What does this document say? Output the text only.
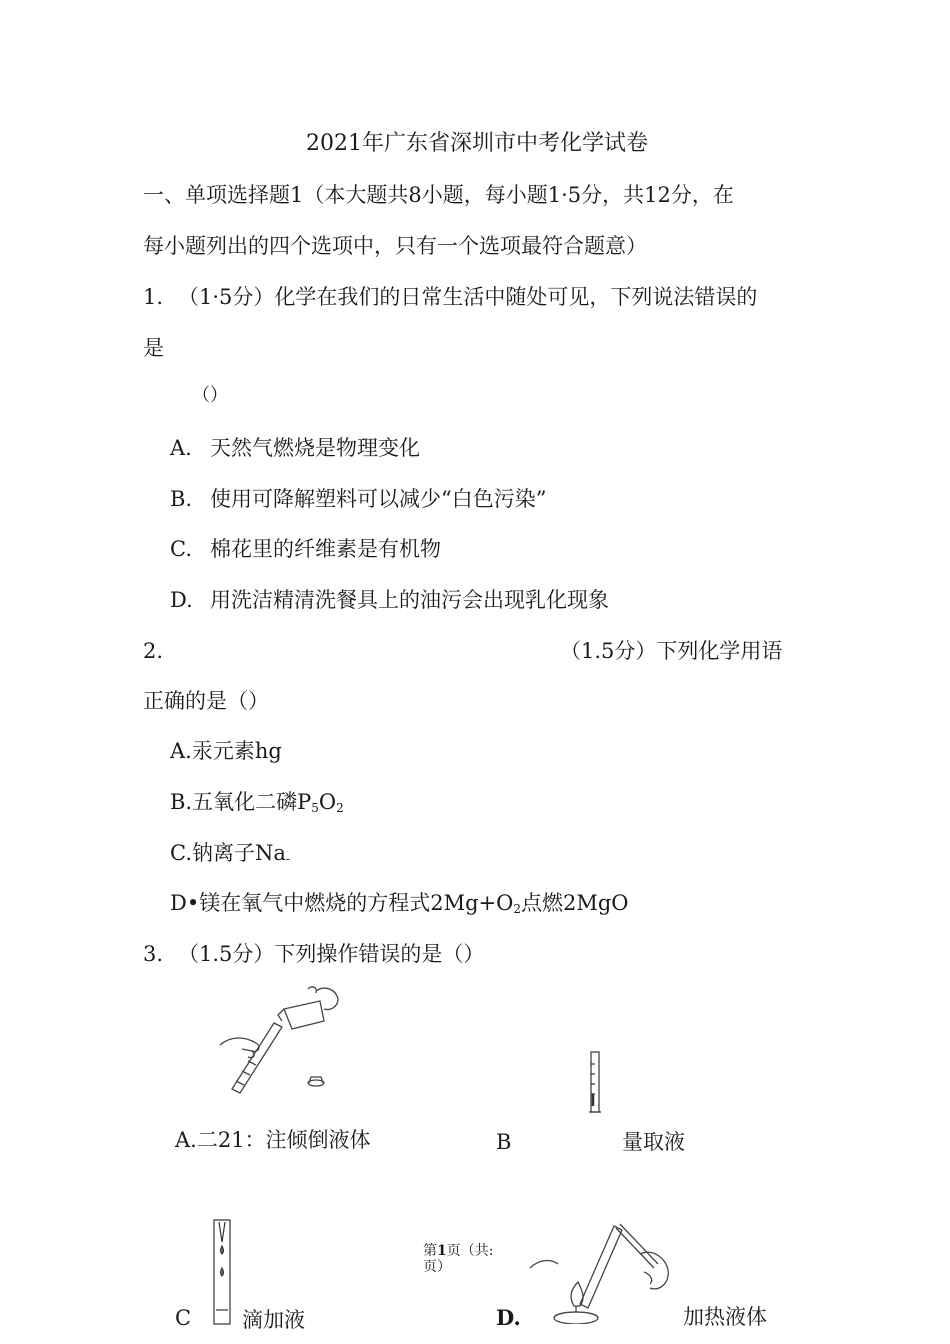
2021年广东省深圳市中考化学试卷
一、单项选择题1（本大题共8小题，每小题1·5分，共12分，在
每小题列出的四个选项中，只有一个选项最符合题意）
1. （1·5分）化学在我们的日常生活中随处可见，下列说法错误的
是
（）
A. 天然气燃烧是物理变化
B. 使用可降解塑料可以减少“白色污染”
C. 棉花里的纤维素是有机物
D. 用洗洁精清洗餐具上的油污会出现乳化现象
2.	（1.5分）下列化学用语
正确的是（）
A.汞元素hg
B.五氧化二磷$P_5O_2$
C.钠离子$Na_-$
D•镁在氧气中燃烧的方程式$2Mg+O_2$点燃2MgO
3. （1.5分）下列操作错误的是（）
A.二21：注倾倒液体	B	量取液
第1页（共:
页）
C 滴加液	D.	加热液体
